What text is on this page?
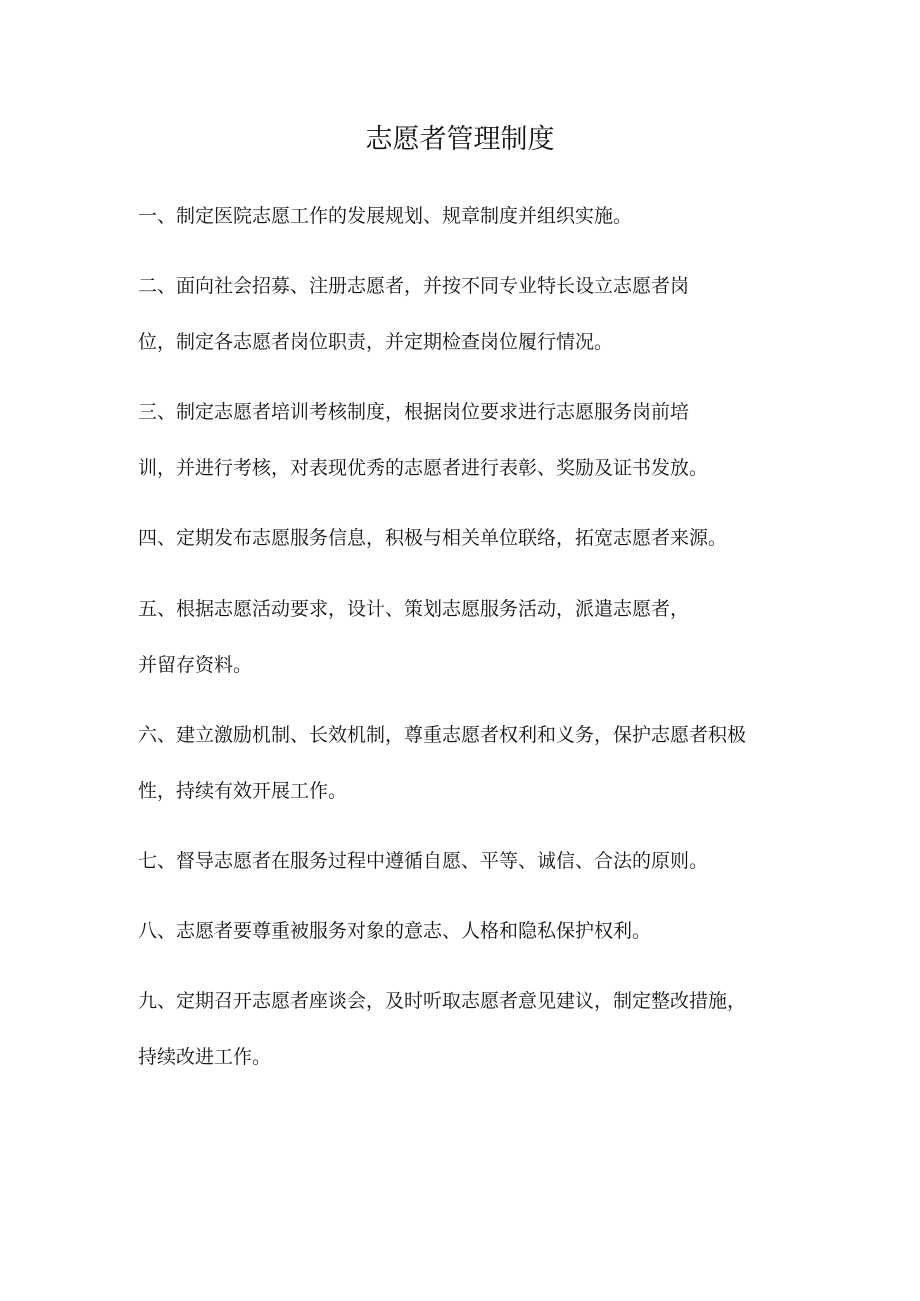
志愿者管理制度
一、制定医院志愿工作的发展规划、规章制度并组织实施。
二、面向社会招募、注册志愿者，并按不同专业特长设立志愿者岗
位，制定各志愿者岗位职责，并定期检查岗位履行情况。
三、制定志愿者培训考核制度，根据岗位要求进行志愿服务岗前培
训，并进行考核，对表现优秀的志愿者进行表彰、奖励及证书发放。
四、定期发布志愿服务信息，积极与相关单位联络，拓宽志愿者来源。
五、根据志愿活动要求，设计、策划志愿服务活动，派遣志愿者，
并留存资料。
六、建立激励机制、长效机制，尊重志愿者权利和义务，保护志愿者积极
性，持续有效开展工作。
七、督导志愿者在服务过程中遵循自愿、平等、诚信、合法的原则。
八、志愿者要尊重被服务对象的意志、人格和隐私保护权利。
九、定期召开志愿者座谈会，及时听取志愿者意见建议，制定整改措施，
持续改进工作。
